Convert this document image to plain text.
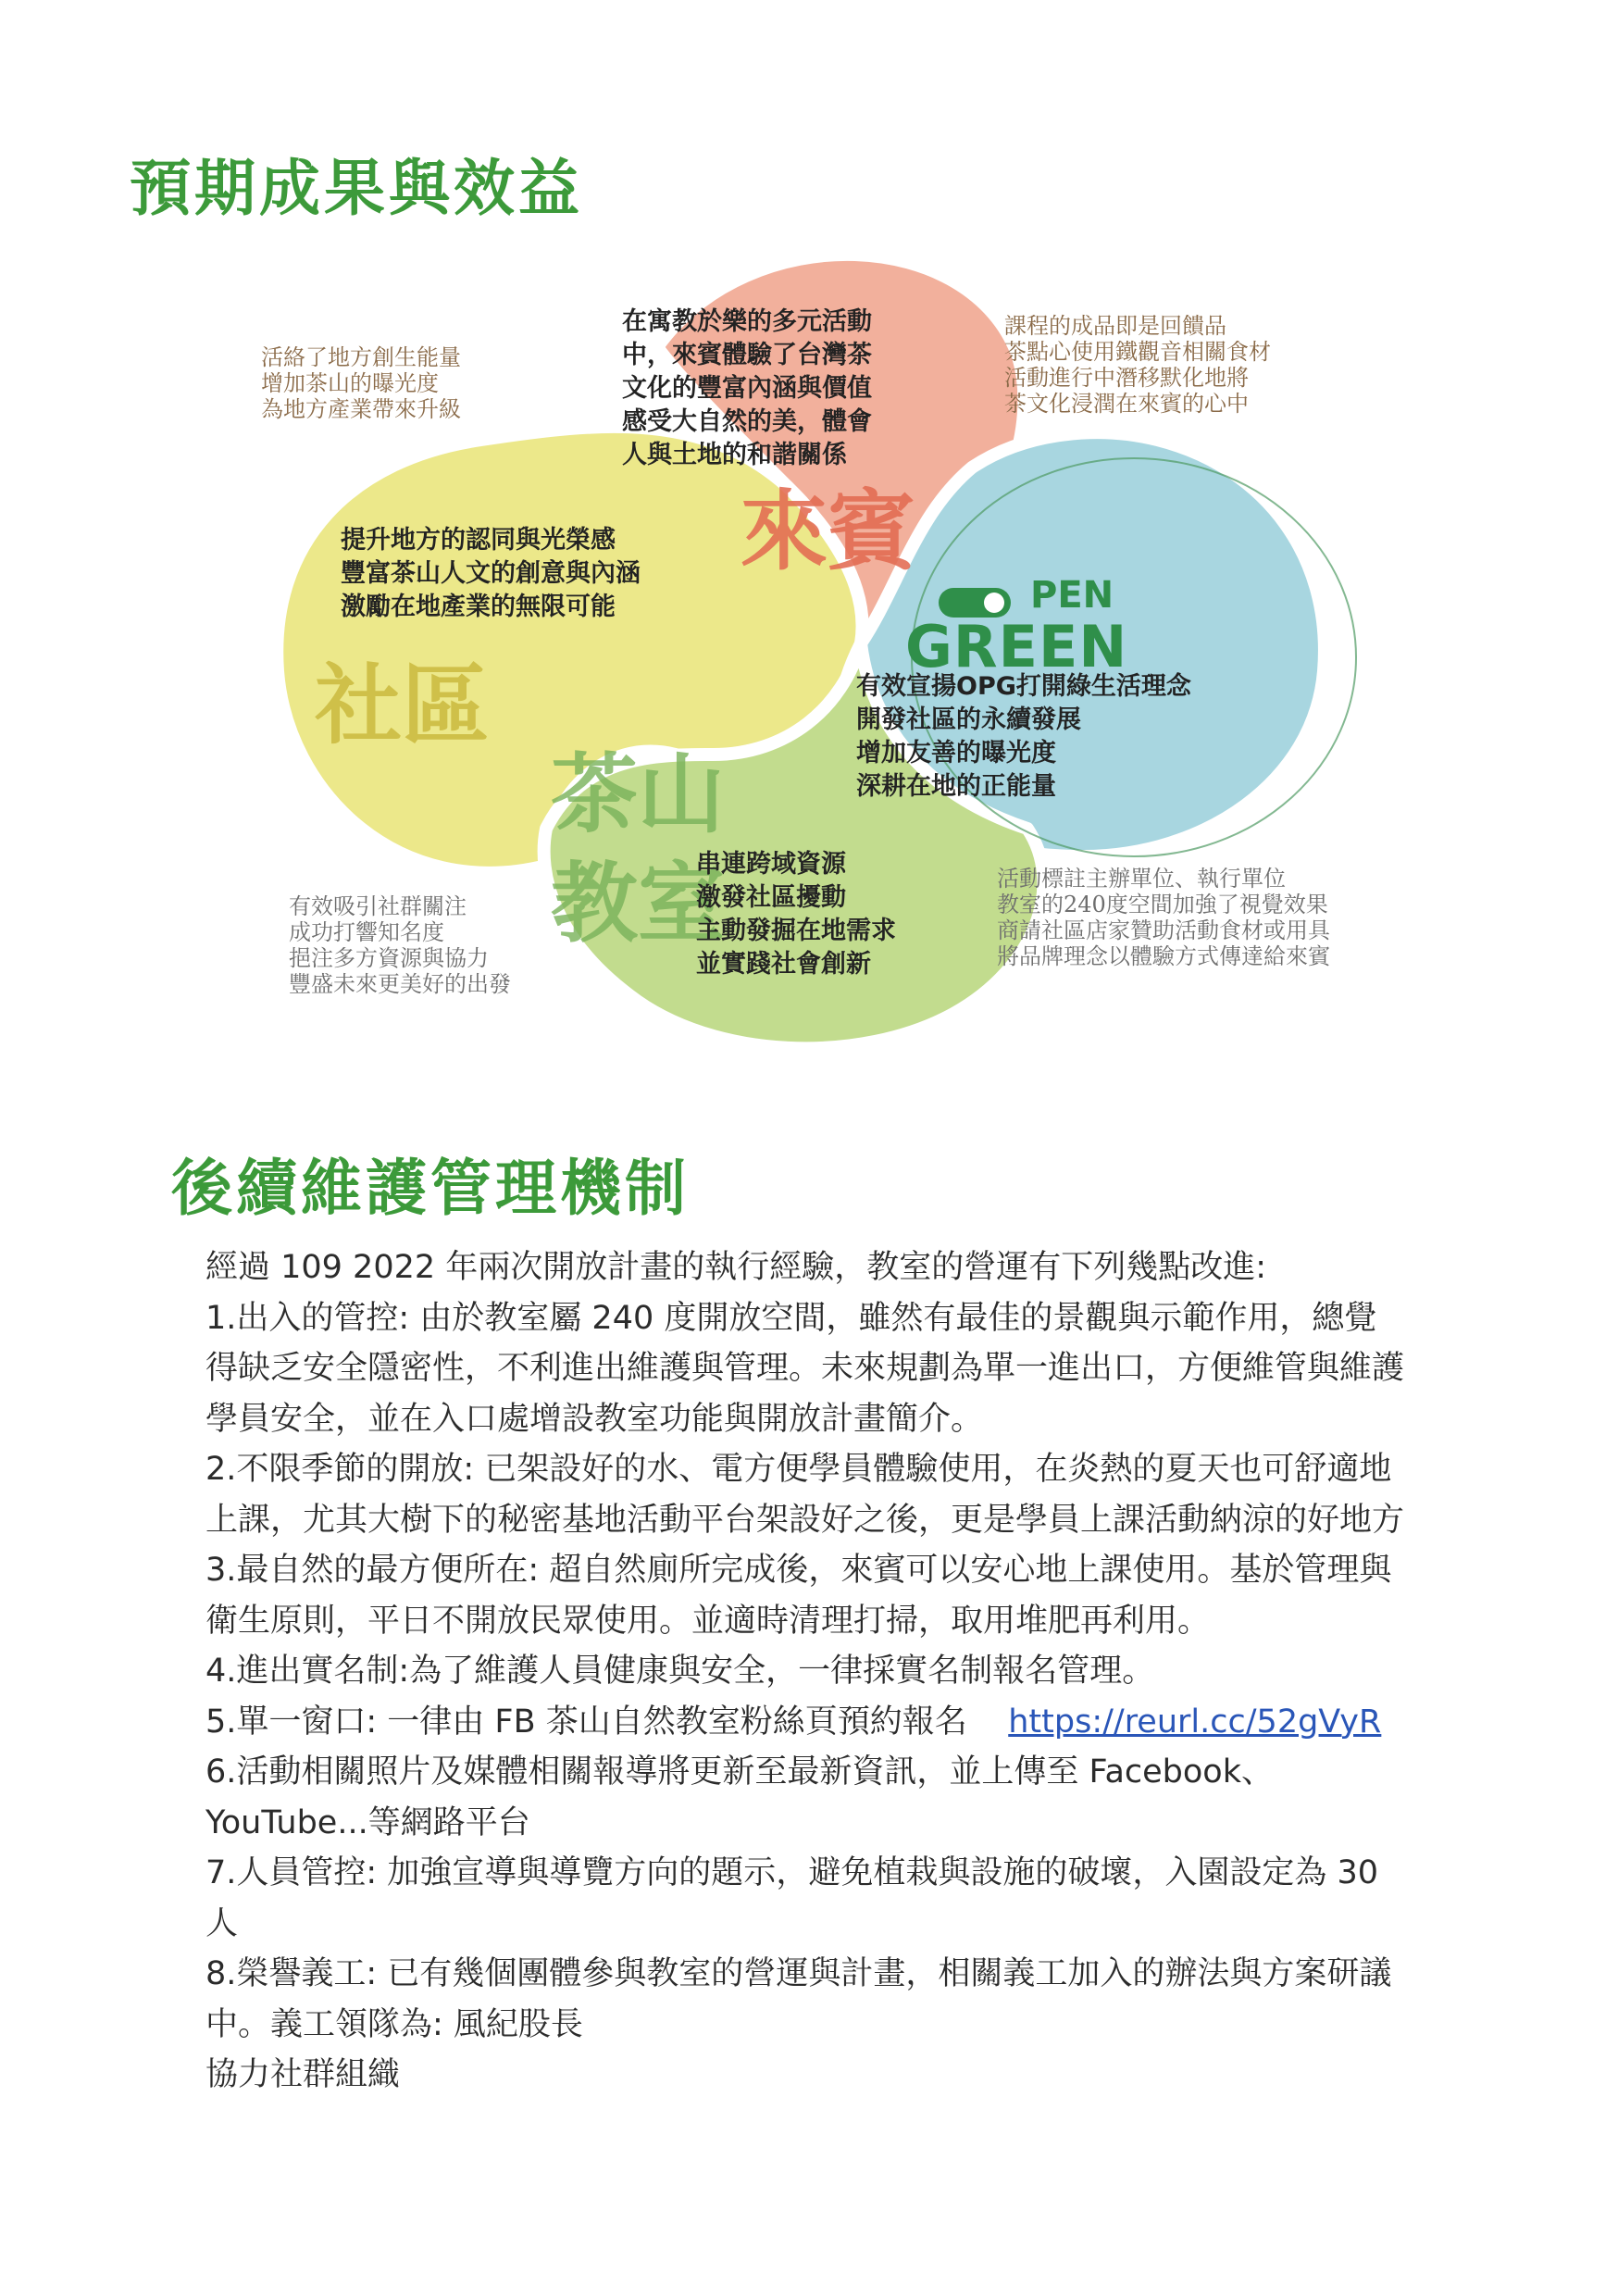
預期成果與效益
活絡了地方創生能量
增加茶山的曝光度
為地方產業帶來升級
課程的成品即是回饋品
茶點心使用鐵觀音相關食材
活動進行中潛移默化地將
茶文化浸潤在來賓的心中
有效吸引社群關注
成功打響知名度
挹注多方資源與協力
豐盛未來更美好的出發
活動標註主辦單位、執行單位
教室的240度空間加強了視覺效果
商請社區店家贊助活動食材或用具
將品牌理念以體驗方式傳達給來賓
來賓
社區
茶山
教室
在寓教於樂的多元活動
中，來賓體驗了台灣茶
文化的豐富內涵與價值
感受大自然的美，體會
人與土地的和諧關係
提升地方的認同與光榮感
豐富茶山人文的創意與內涵
激勵在地產業的無限可能
有效宣揚OPG打開綠生活理念
開發社區的永續發展
增加友善的曝光度
深耕在地的正能量
串連跨域資源
激發社區擾動
主動發掘在地需求
並實踐社會創新
PEN
GREEN
後續維護管理機制

經過 109 2022 年兩次開放計畫的執行經驗，教室的營運有下列幾點改進:

1.出入的管控: 由於教室屬 240 度開放空間，雖然有最佳的景觀與示範作用，總覺得缺乏安全隱密性，不利進出維護與管理。未來規劃為單一進出口，方便維管與維護學員安全，並在入口處增設教室功能與開放計畫簡介。

2.不限季節的開放: 已架設好的水、電方便學員體驗使用，在炎熱的夏天也可舒適地上課，尤其大樹下的秘密基地活動平台架設好之後，更是學員上課活動納涼的好地方

3.最自然的最方便所在: 超自然廁所完成後，來賓可以安心地上課使用。基於管理與衛生原則，平日不開放民眾使用。並適時清理打掃，取用堆肥再利用。

4.進出實名制:為了維護人員健康與安全，一律採實名制報名管理。

5.單一窗口: 一律由 FB 茶山自然教室粉絲頁預約報名 https://reurl.cc/52gVyR

6.活動相關照片及媒體相關報導將更新至最新資訊，並上傳至 Facebook、YouTube...等網路平台

7.人員管控: 加強宣導與導覽方向的題示，避免植栽與設施的破壞，入園設定為 30 人

8.榮譽義工: 已有幾個團體參與教室的營運與計畫，相關義工加入的辦法與方案研議中。義工領隊為: 風紀股長

協力社群組織
